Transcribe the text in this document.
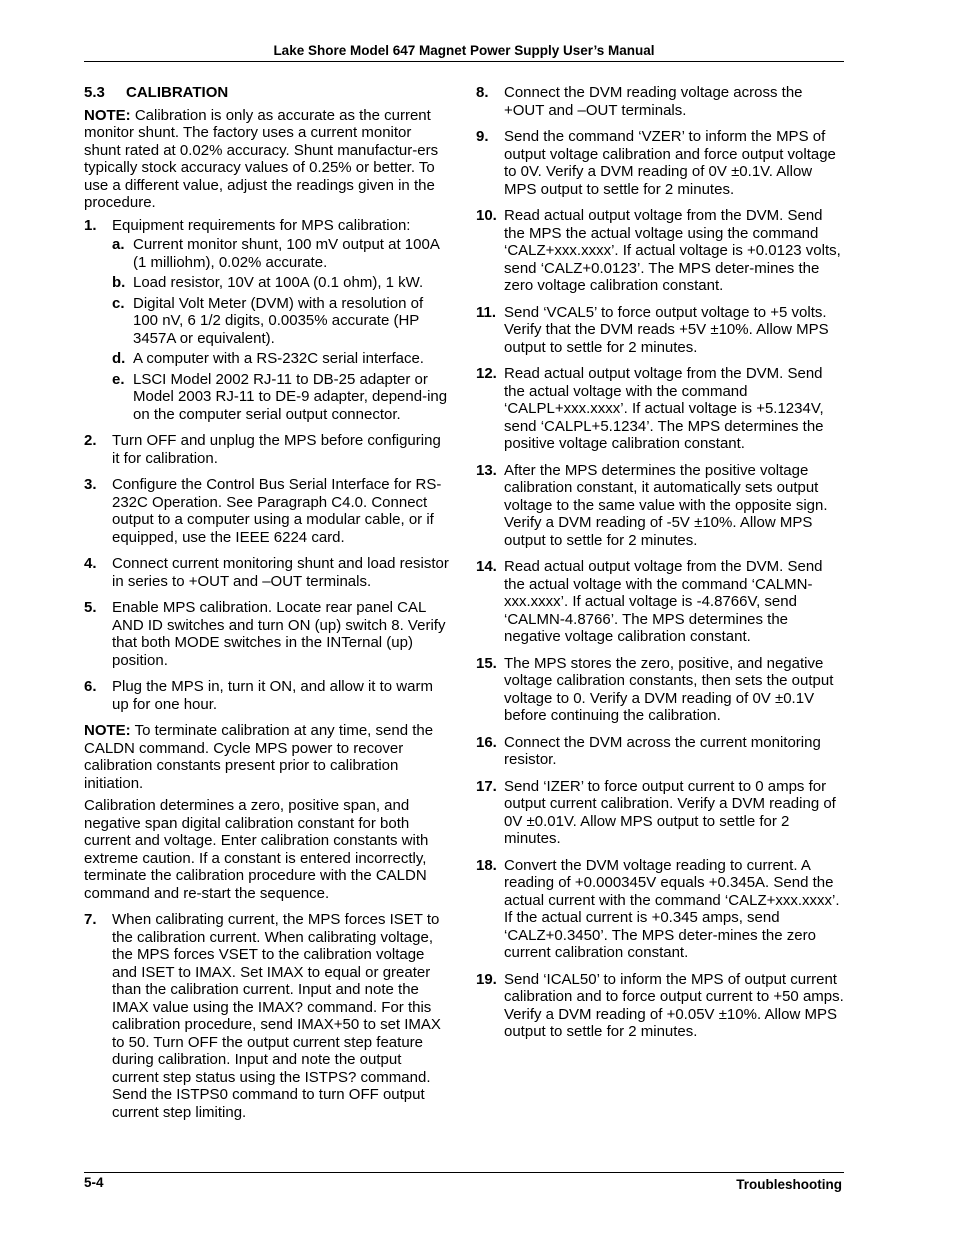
Lake Shore Model 647 Magnet Power Supply User’s Manual
5.3 CALIBRATION
NOTE: Calibration is only as accurate as the current monitor shunt. The factory uses a current monitor shunt rated at 0.02% accuracy. Shunt manufactur-ers typically stock accuracy values of 0.25% or better. To use a different value, adjust the readings given in the procedure.
1. Equipment requirements for MPS calibration:
a. Current monitor shunt, 100 mV output at 100A (1 milliohm), 0.02% accurate.
b. Load resistor, 10V at 100A (0.1 ohm), 1 kW.
c. Digital Volt Meter (DVM) with a resolution of 100 nV, 6 1/2 digits, 0.0035% accurate (HP 3457A or equivalent).
d. A computer with a RS-232C serial interface.
e. LSCI Model 2002 RJ-11 to DB-25 adapter or Model 2003 RJ-11 to DE-9 adapter, depend-ing on the computer serial output connector.
2. Turn OFF and unplug the MPS before configuring it for calibration.
3. Configure the Control Bus Serial Interface for RS-232C Operation. See Paragraph C4.0. Connect output to a computer using a modular cable, or if equipped, use the IEEE 6224 card.
4. Connect current monitoring shunt and load resistor in series to +OUT and –OUT terminals.
5. Enable MPS calibration. Locate rear panel CAL AND ID switches and turn ON (up) switch 8. Verify that both MODE switches in the INTernal (up) position.
6. Plug the MPS in, turn it ON, and allow it to warm up for one hour.
NOTE: To terminate calibration at any time, send the CALDN command. Cycle MPS power to recover calibration constants present prior to calibration initiation.
Calibration determines a zero, positive span, and negative span digital calibration constant for both current and voltage. Enter calibration constants with extreme caution. If a constant is entered incorrectly, terminate the calibration procedure with the CALDN command and re-start the sequence.
7. When calibrating current, the MPS forces ISET to the calibration current. When calibrating voltage, the MPS forces VSET to the calibration voltage and ISET to IMAX. Set IMAX to equal or greater than the calibration current. Input and note the IMAX value using the IMAX? command. For this calibration procedure, send IMAX+50 to set IMAX to 50. Turn OFF the output current step feature during calibration. Input and note the output current step status using the ISTPS? command. Send the ISTPS0 command to turn OFF output current step limiting.
8. Connect the DVM reading voltage across the +OUT and –OUT terminals.
9. Send the command ‘VZER’ to inform the MPS of output voltage calibration and force output voltage to 0V. Verify a DVM reading of 0V ±0.1V. Allow MPS output to settle for 2 minutes.
10. Read actual output voltage from the DVM. Send the MPS the actual voltage using the command ‘CALZ+xxx.xxxx’. If actual voltage is +0.0123 volts, send ‘CALZ+0.0123’. The MPS deter-mines the zero voltage calibration constant.
11. Send ‘VCAL5’ to force output voltage to +5 volts. Verify that the DVM reads +5V ±10%. Allow MPS output to settle for 2 minutes.
12. Read actual output voltage from the DVM. Send the actual voltage with the command ‘CALPL+xxx.xxxx’. If actual voltage is +5.1234V, send ‘CALPL+5.1234’. The MPS determines the positive voltage calibration constant.
13. After the MPS determines the positive voltage calibration constant, it automatically sets output voltage to the same value with the opposite sign. Verify a DVM reading of -5V ±10%. Allow MPS output to settle for 2 minutes.
14. Read actual output voltage from the DVM. Send the actual voltage with the command ‘CALMN-xxx.xxxx’. If actual voltage is -4.8766V, send ‘CALMN-4.8766’. The MPS determines the negative voltage calibration constant.
15. The MPS stores the zero, positive, and negative voltage calibration constants, then sets the output voltage to 0. Verify a DVM reading of 0V ±0.1V before continuing the calibration.
16. Connect the DVM across the current monitoring resistor.
17. Send ‘IZER’ to force output current to 0 amps for output current calibration. Verify a DVM reading of 0V ±0.01V. Allow MPS output to settle for 2 minutes.
18. Convert the DVM voltage reading to current. A reading of +0.000345V equals +0.345A. Send the actual current with the command ‘CALZ+xxx.xxxx’. If the actual current is +0.345 amps, send ‘CALZ+0.3450’. The MPS deter-mines the zero current calibration constant.
19. Send ‘ICAL50’ to inform the MPS of output current calibration and to force output current to +50 amps. Verify a DVM reading of +0.05V ±10%. Allow MPS output to settle for 2 minutes.
5-4	Troubleshooting
